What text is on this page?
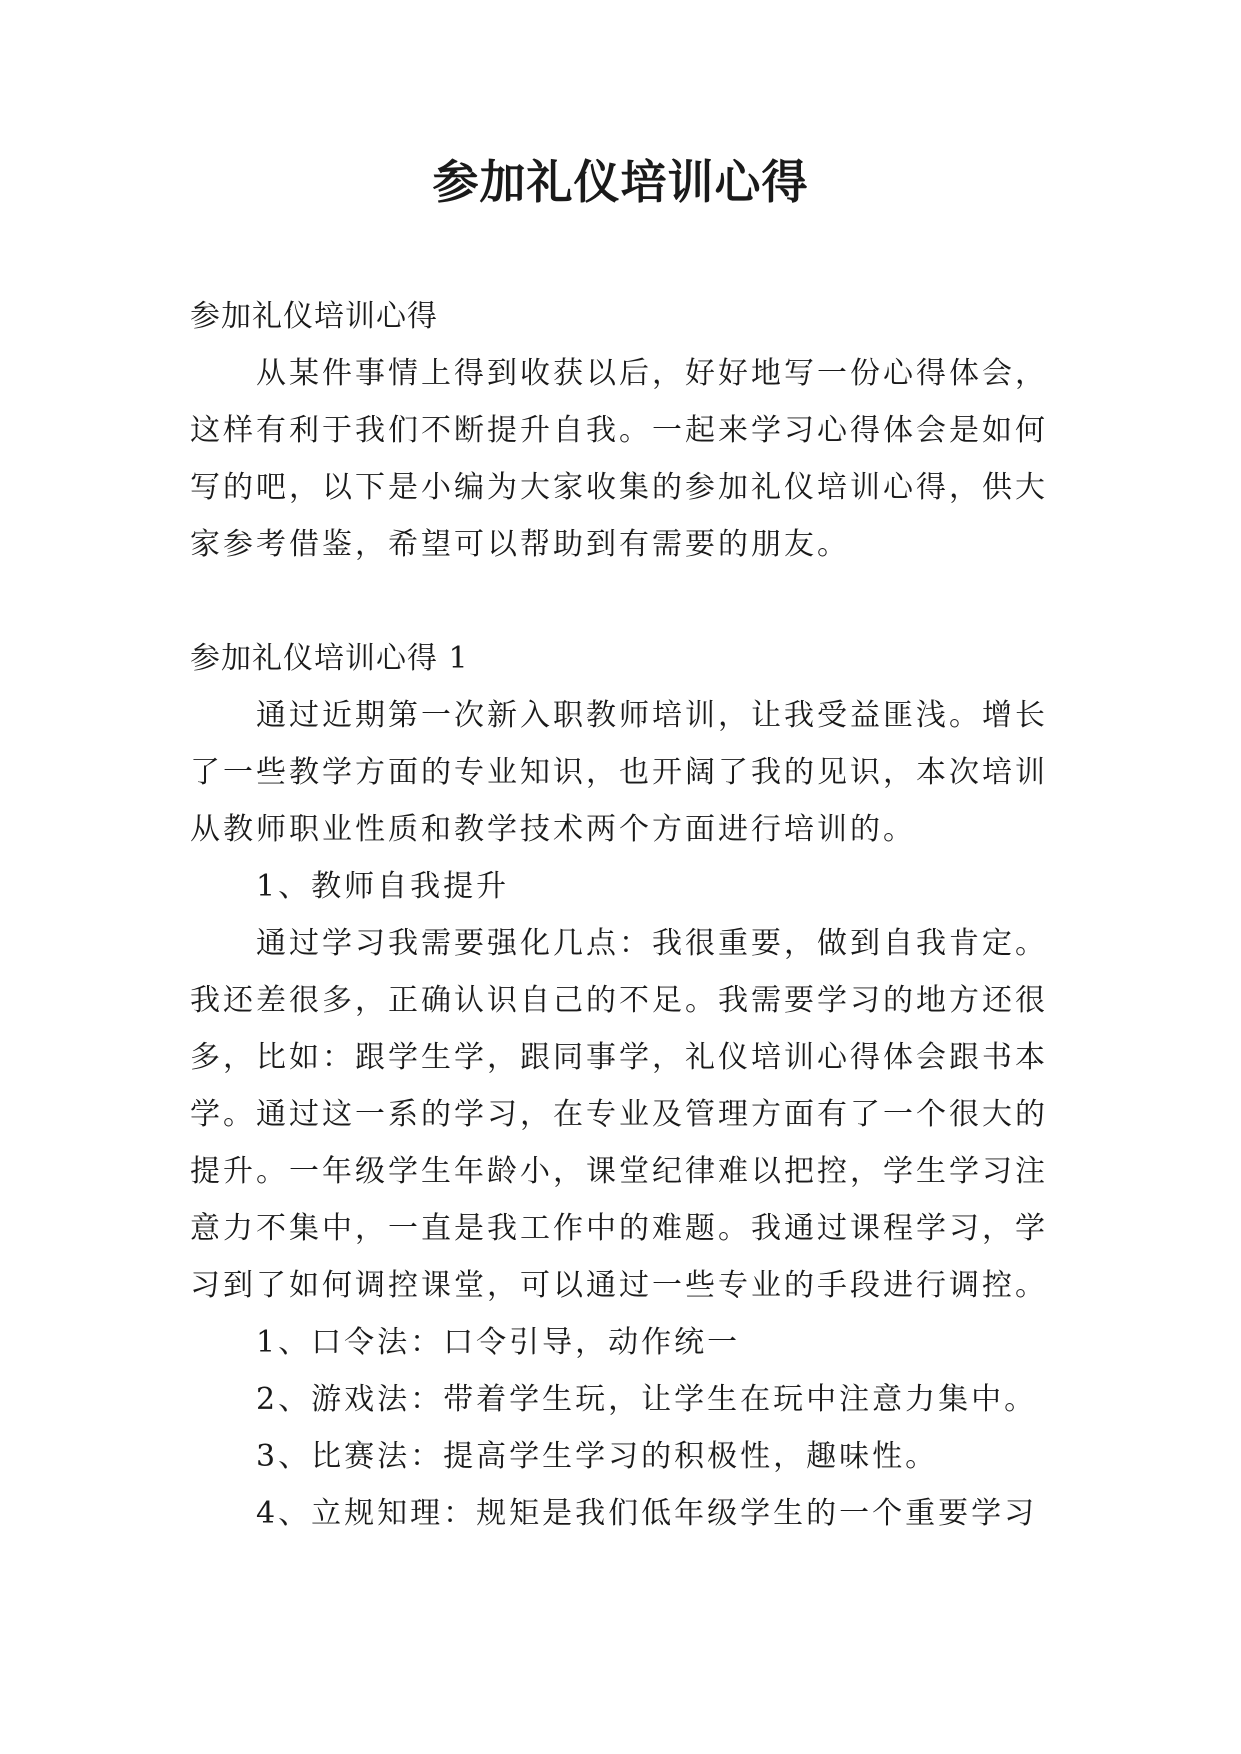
参加礼仪培训心得

参加礼仪培训心得

从某件事情上得到收获以后，好好地写一份心得体会，这样有利于我们不断提升自我。一起来学习心得体会是如何写的吧，以下是小编为大家收集的参加礼仪培训心得，供大家参考借鉴，希望可以帮助到有需要的朋友。

参加礼仪培训心得 1

通过近期第一次新入职教师培训，让我受益匪浅。增长了一些教学方面的专业知识，也开阔了我的见识，本次培训从教师职业性质和教学技术两个方面进行培训的。

1、教师自我提升

通过学习我需要强化几点：我很重要，做到自我肯定。我还差很多，正确认识自己的不足。我需要学习的地方还很多，比如：跟学生学，跟同事学，礼仪培训心得体会跟书本学。通过这一系的学习，在专业及管理方面有了一个很大的提升。一年级学生年龄小，课堂纪律难以把控，学生学习注意力不集中，一直是我工作中的难题。我通过课程学习，学习到了如何调控课堂，可以通过一些专业的手段进行调控。

1、口令法：口令引导，动作统一

2、游戏法：带着学生玩，让学生在玩中注意力集中。

3、比赛法：提高学生学习的积极性，趣味性。

4、立规知理：规矩是我们低年级学生的一个重要学习
